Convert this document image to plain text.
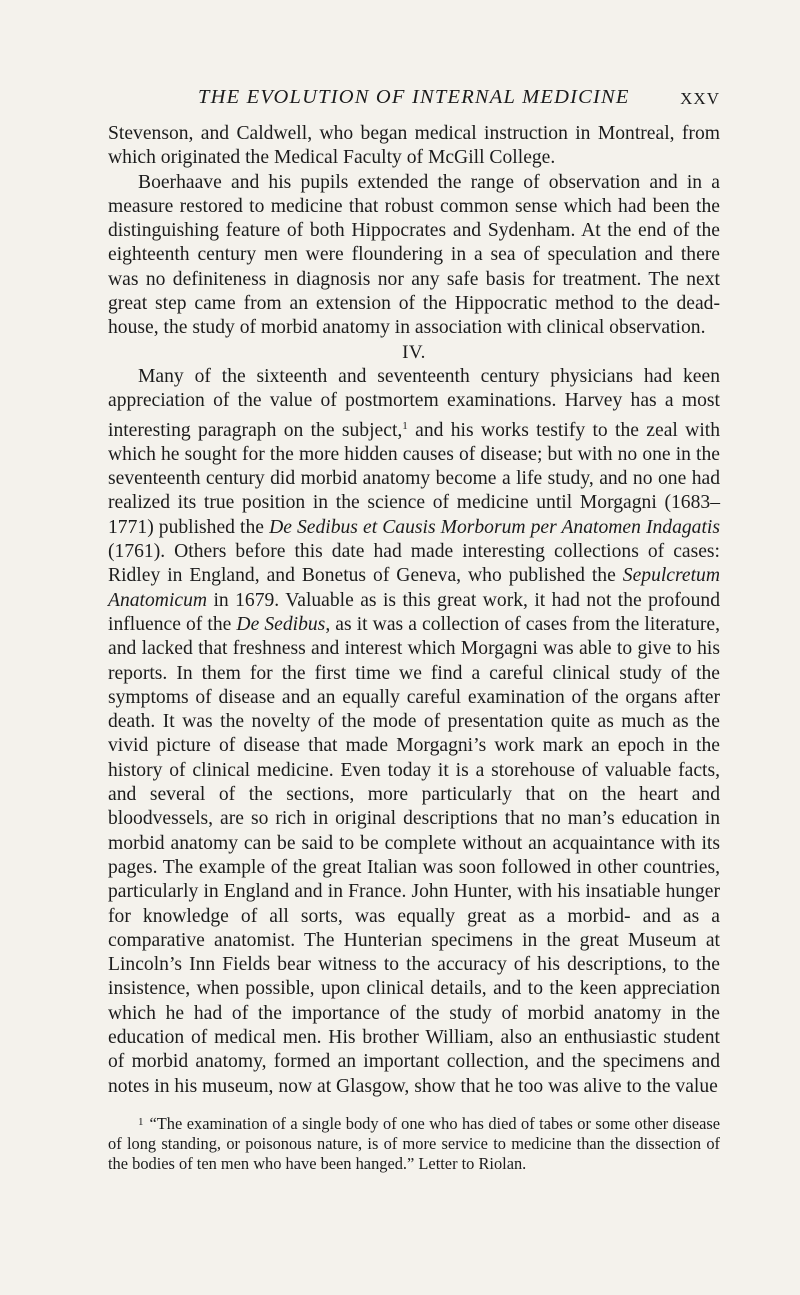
THE EVOLUTION OF INTERNAL MEDICINE	XXV

Stevenson, and Caldwell, who began medical instruction in Montreal, from which originated the Medical Faculty of McGill College.

Boerhaave and his pupils extended the range of observation and in a measure restored to medicine that robust common sense which had been the distinguishing feature of both Hippocrates and Sydenham. At the end of the eighteenth century men were floundering in a sea of speculation and there was no definiteness in diagnosis nor any safe basis for treatment. The next great step came from an extension of the Hippocratic method to the dead-house, the study of morbid anatomy in association with clinical observation.

IV.

Many of the sixteenth and seventeenth century physicians had keen appreciation of the value of postmortem examinations. Harvey has a most interesting paragraph on the subject,$^1$ and his works testify to the zeal with which he sought for the more hidden causes of disease; but with no one in the seventeenth century did morbid anatomy become a life study, and no one had realized its true position in the science of medicine until Morgagni (1683–1771) published the De Sedibus et Causis Morborum per Anatomen Indagatis (1761). Others before this date had made interesting collections of cases: Ridley in England, and Bonetus of Geneva, who published the Sepulcretum Anatomicum in 1679. Valuable as is this great work, it had not the profound influence of the De Sedibus, as it was a collection of cases from the literature, and lacked that freshness and interest which Morgagni was able to give to his reports. In them for the first time we find a careful clinical study of the symptoms of disease and an equally careful examination of the organs after death. It was the novelty of the mode of presentation quite as much as the vivid picture of disease that made Morgagni’s work mark an epoch in the history of clinical medicine. Even today it is a storehouse of valuable facts, and several of the sections, more particularly that on the heart and bloodvessels, are so rich in original descriptions that no man’s education in morbid anatomy can be said to be complete without an acquaintance with its pages. The example of the great Italian was soon followed in other countries, particularly in England and in France. John Hunter, with his insatiable hunger for knowledge of all sorts, was equally great as a morbid- and as a comparative anatomist. The Hunterian specimens in the great Museum at Lincoln’s Inn Fields bear witness to the accuracy of his descriptions, to the insistence, when possible, upon clinical details, and to the keen appreciation which he had of the importance of the study of morbid anatomy in the education of medical men. His brother William, also an enthusiastic student of morbid anatomy, formed an important collection, and the specimens and notes in his museum, now at Glasgow, show that he too was alive to the value

$^1$ “The examination of a single body of one who has died of tabes or some other disease of long standing, or poisonous nature, is of more service to medicine than the dissection of the bodies of ten men who have been hanged.” Letter to Riolan.
